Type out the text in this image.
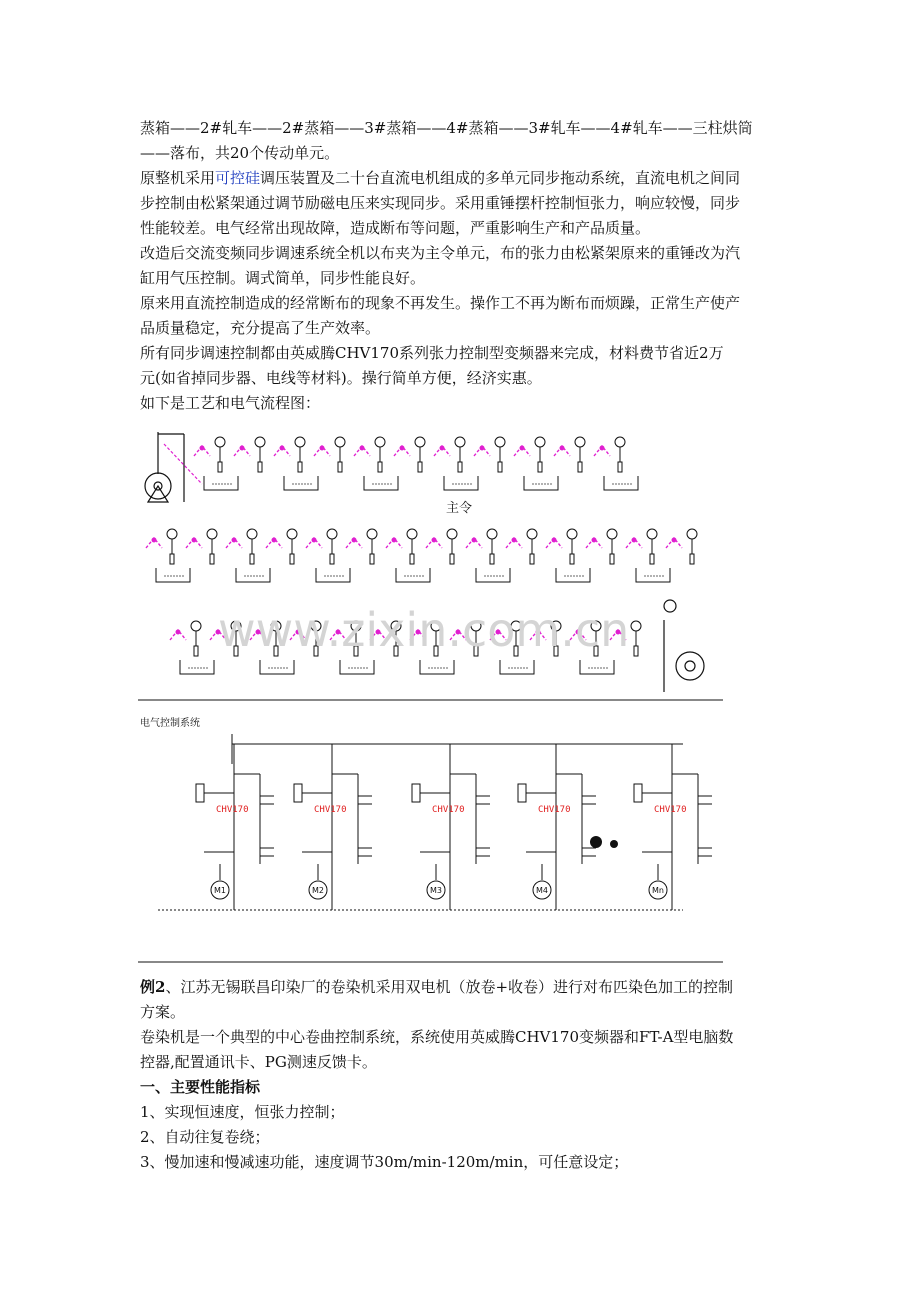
蒸箱——2#轧车——2#蒸箱——3#蒸箱——4#蒸箱——3#轧车——4#轧车——三柱烘筒
——落布，共20个传动单元。

原整机采用可控硅调压装置及二十台直流电机组成的多单元同步拖动系统，直流电机之间同
步控制由松紧架通过调节励磁电压来实现同步。采用重锤摆杆控制恒张力，响应较慢，同步
性能较差。电气经常出现故障，造成断布等问题，严重影响生产和产品质量。

改造后交流变频同步调速系统全机以布夹为主令单元，布的张力由松紧架原来的重锤改为汽
缸用气压控制。调式简单，同步性能良好。

原来用直流控制造成的经常断布的现象不再发生。操作工不再为断布而烦躁，正常生产使产
品质量稳定，充分提高了生产效率。

所有同步调速控制都由英威腾CHV170系列张力控制型变频器来完成，材料费节省近2万
元(如省掉同步器、电线等材料)。操行简单方便，经济实惠。

如下是工艺和电气流程图：

主令
www.zixin.com.cn
电气控制系统
CHV170
M1
CHV170
M2
CHV170
M3
CHV170
M4
CHV170
Mn

例2、江苏无锡联昌印染厂的卷染机采用双电机（放卷+收卷）进行对布匹染色加工的控制
方案。

卷染机是一个典型的中心卷曲控制系统，系统使用英威腾CHV170变频器和FT-A型电脑数
控器,配置通讯卡、PG测速反馈卡。

一、主要性能指标

1、实现恒速度，恒张力控制；

2、自动往复卷绕；

3、慢加速和慢减速功能，速度调节30m/min-120m/min，可任意设定；
